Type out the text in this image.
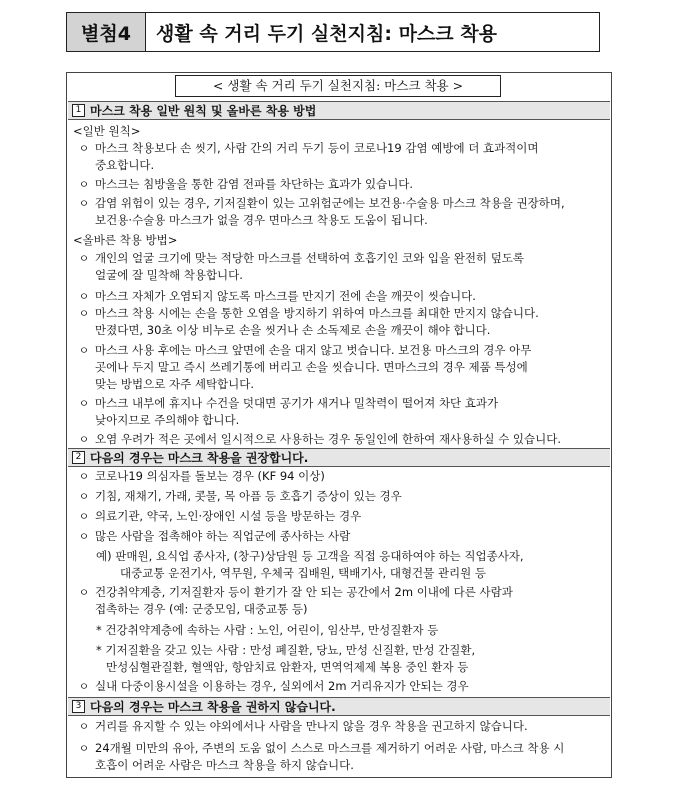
별첨4	생활 속 거리 두기 실천지침: 마스크 착용
< 생활 속 거리 두기 실천지침: 마스크 착용 >
1 마스크 착용 일반 원칙 및 올바른 착용 방법
<일반 원칙>
ㅇ 마스크 착용보다 손 씻기, 사람 간의 거리 두기 등이 코로나19 감염 예방에 더 효과적이며
중요합니다.
ㅇ 마스크는 침방울을 통한 감염 전파를 차단하는 효과가 있습니다.
ㅇ 감염 위험이 있는 경우, 기저질환이 있는 고위험군에는 보건용·수술용 마스크 착용을 권장하며,
보건용·수술용 마스크가 없을 경우 면마스크 착용도 도움이 됩니다.
<올바른 착용 방법>
ㅇ 개인의 얼굴 크기에 맞는 적당한 마스크를 선택하여 호흡기인 코와 입을 완전히 덮도록
얼굴에 잘 밀착해 착용합니다.
ㅇ 마스크 자체가 오염되지 않도록 마스크를 만지기 전에 손을 깨끗이 씻습니다.
ㅇ 마스크 착용 시에는 손을 통한 오염을 방지하기 위하여 마스크를 최대한 만지지 않습니다.
만졌다면, 30초 이상 비누로 손을 씻거나 손 소독제로 손을 깨끗이 해야 합니다.
ㅇ 마스크 사용 후에는 마스크 앞면에 손을 대지 않고 벗습니다. 보건용 마스크의 경우 아무
곳에나 두지 말고 즉시 쓰레기통에 버리고 손을 씻습니다. 면마스크의 경우 제품 특성에
맞는 방법으로 자주 세탁합니다.
ㅇ 마스크 내부에 휴지나 수건을 덧대면 공기가 새거나 밀착력이 떨어져 차단 효과가
낮아지므로 주의해야 합니다.
ㅇ 오염 우려가 적은 곳에서 일시적으로 사용하는 경우 동일인에 한하여 재사용하실 수 있습니다.
2 다음의 경우는 마스크 착용을 권장합니다.
ㅇ 코로나19 의심자를 돌보는 경우 (KF 94 이상)
ㅇ 기침, 재채기, 가래, 콧물, 목 아픔 등 호흡기 증상이 있는 경우
ㅇ 의료기관, 약국, 노인·장애인 시설 등을 방문하는 경우
ㅇ 많은 사람을 접촉해야 하는 직업군에 종사하는 사람
예) 판매원, 요식업 종사자, (창구)상담원 등 고객을 직접 응대하여야 하는 직업종사자,
대중교통 운전기사, 역무원, 우체국 집배원, 택배기사, 대형건물 관리원 등
ㅇ 건강취약계층, 기저질환자 등이 환기가 잘 안 되는 공간에서 2m 이내에 다른 사람과
접촉하는 경우 (예: 군중모임, 대중교통 등)
* 건강취약계층에 속하는 사람 : 노인, 어린이, 임산부, 만성질환자 등
* 기저질환을 갖고 있는 사람 : 만성 폐질환, 당뇨, 만성 신질환, 만성 간질환,
만성심혈관질환, 혈액암, 항암치료 암환자, 면역억제제 복용 중인 환자 등
ㅇ 실내 다중이용시설을 이용하는 경우, 실외에서 2m 거리유지가 안되는 경우
3 다음의 경우는 마스크 착용을 권하지 않습니다.
ㅇ 거리를 유지할 수 있는 야외에서나 사람을 만나지 않을 경우 착용을 권고하지 않습니다.
ㅇ 24개월 미만의 유아, 주변의 도움 없이 스스로 마스크를 제거하기 어려운 사람, 마스크 착용 시
호흡이 어려운 사람은 마스크 착용을 하지 않습니다.
